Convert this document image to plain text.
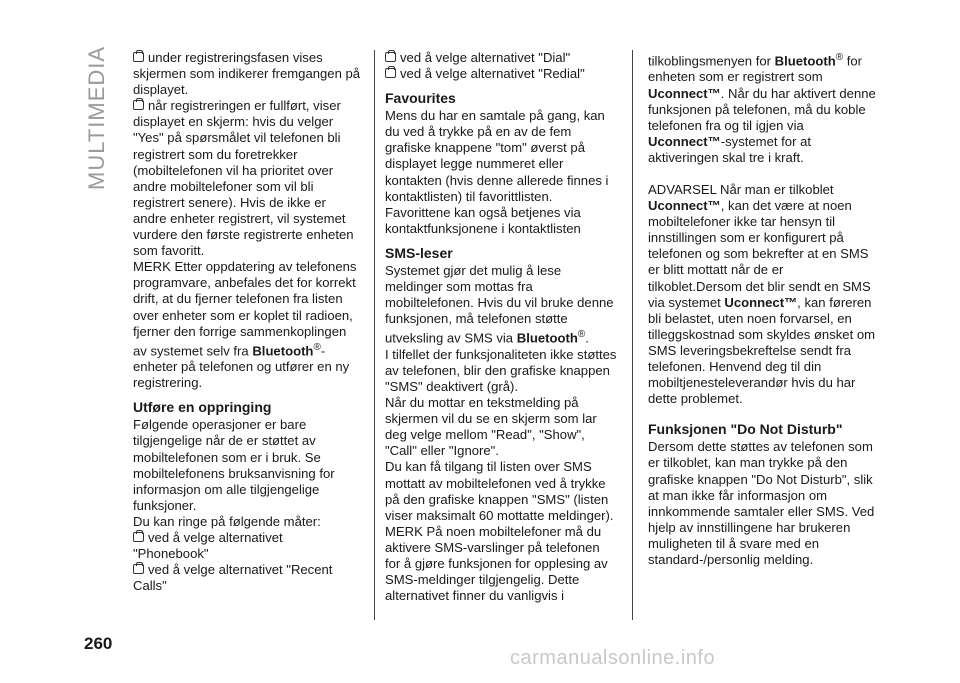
MULTIMEDIA	under registreringsfasen vises skjermen som indikerer fremgangen på displayet.

når registreringen er fullført, viser displayet en skjerm: hvis du velger "Yes" på spørsmålet vil telefonen bli registrert som du foretrekker (mobiltelefonen vil ha prioritet over andre mobiltelefoner som vil bli registrert senere). Hvis de ikke er andre enheter registrert, vil systemet vurdere den første registrerte enheten som favoritt.

MERK Etter oppdatering av telefonens programvare, anbefales det for korrekt drift, at du fjerner telefonen fra listen over enheter som er koplet til radioen, fjerner den forrige sammenkoplingen av systemet selv fra Bluetooth®-enheter på telefonen og utfører en ny registrering.

Utføre en oppringing

Følgende operasjoner er bare tilgjengelige når de er støttet av mobiltelefonen som er i bruk. Se mobiltelefonens bruksanvisning for informasjon om alle tilgjengelige funksjoner.

Du kan ringe på følgende måter:

ved å velge alternativet "Phonebook"

ved å velge alternativet "Recent Calls"

ved å velge alternativet "Dial"

ved å velge alternativet "Redial"

Favourites

Mens du har en samtale på gang, kan du ved å trykke på en av de fem grafiske knappene "tom" øverst på displayet legge nummeret eller kontakten (hvis denne allerede finnes i kontaktlisten) til favorittlisten. Favorittene kan også betjenes via kontaktfunksjonene i kontaktlisten

SMS-leser

Systemet gjør det mulig å lese meldinger som mottas fra mobiltelefonen. Hvis du vil bruke denne funksjonen, må telefonen støtte utveksling av SMS via Bluetooth®.

I tilfellet der funksjonaliteten ikke støttes av telefonen, blir den grafiske knappen "SMS" deaktivert (grå).

Når du mottar en tekstmelding på skjermen vil du se en skjerm som lar deg velge mellom "Read", "Show", "Call" eller "Ignore".

Du kan få tilgang til listen over SMS mottatt av mobiltelefonen ved å trykke på den grafiske knappen "SMS" (listen viser maksimalt 60 mottatte meldinger).

MERK På noen mobiltelefoner må du aktivere SMS-varslinger på telefonen for å gjøre funksjonen for opplesing av SMS-meldinger tilgjengelig. Dette alternativet finner du vanligvis i

tilkoblingsmenyen for Bluetooth® for enheten som er registrert som Uconnect™. Når du har aktivert denne funksjonen på telefonen, må du koble telefonen fra og til igjen via Uconnect™-systemet for at aktiveringen skal tre i kraft.

ADVARSEL Når man er tilkoblet Uconnect™, kan det være at noen mobiltelefoner ikke tar hensyn til innstillingen som er konfigurert på telefonen og som bekrefter at en SMS er blitt mottatt når de er tilkoblet.Dersom det blir sendt en SMS via systemet Uconnect™, kan føreren bli belastet, uten noen forvarsel, en tilleggskostnad som skyldes ønsket om SMS leveringsbekreftelse sendt fra telefonen. Henvend deg til din mobiltjenesteleverandør hvis du har dette problemet.

Funksjonen "Do Not Disturb"

Dersom dette støttes av telefonen som er tilkoblet, kan man trykke på den grafiske knappen "Do Not Disturb", slik at man ikke får informasjon om innkommende samtaler eller SMS. Ved hjelp av innstillingene har brukeren muligheten til å svare med en standard-/personlig melding.

260
carmanualsonline.info
